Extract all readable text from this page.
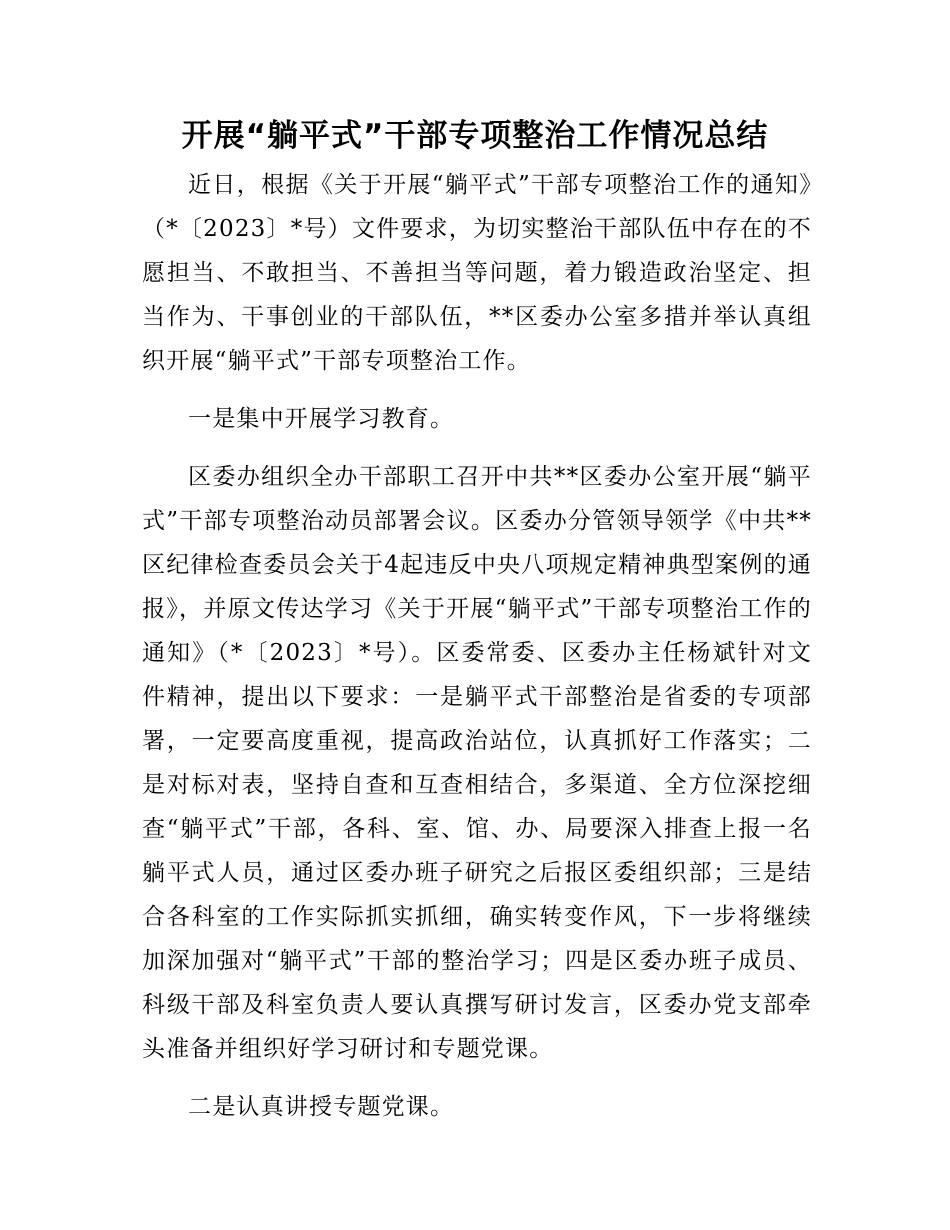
开展“躺平式”干部专项整治工作情况总结

近日，根据《关于开展“躺平式”干部专项整治工作的通知》（*〔2023〕*号）文件要求，为切实整治干部队伍中存在的不愿担当、不敢担当、不善担当等问题，着力锻造政治坚定、担当作为、干事创业的干部队伍，**区委办公室多措并举认真组织开展“躺平式”干部专项整治工作。

一是集中开展学习教育。

区委办组织全办干部职工召开中共**区委办公室开展“躺平式”干部专项整治动员部署会议。区委办分管领导领学《中共**区纪律检查委员会关于4起违反中央八项规定精神典型案例的通报》，并原文传达学习《关于开展“躺平式”干部专项整治工作的通知》（*〔2023〕*号）。区委常委、区委办主任杨斌针对文件精神，提出以下要求：一是躺平式干部整治是省委的专项部署，一定要高度重视，提高政治站位，认真抓好工作落实；二是对标对表，坚持自查和互查相结合，多渠道、全方位深挖细查“躺平式”干部，各科、室、馆、办、局要深入排查上报一名躺平式人员，通过区委办班子研究之后报区委组织部；三是结合各科室的工作实际抓实抓细，确实转变作风，下一步将继续加深加强对“躺平式”干部的整治学习；四是区委办班子成员、科级干部及科室负责人要认真撰写研讨发言，区委办党支部牵头准备并组织好学习研讨和专题党课。

二是认真讲授专题党课。
